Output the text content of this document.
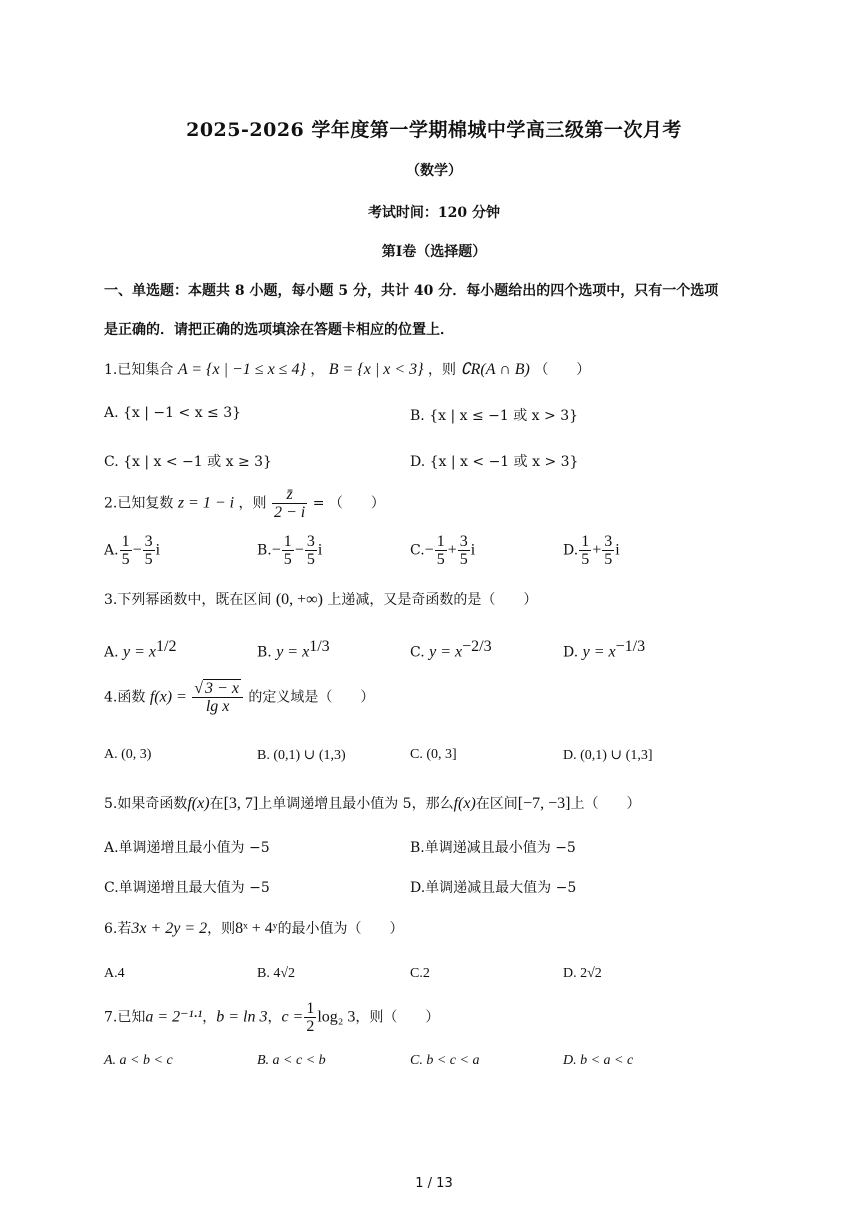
2025-2026 学年度第一学期棉城中学高三级第一次月考
（数学）
考试时间：120 分钟
第Ⅰ卷（选择题）
一、单选题：本题共 8 小题，每小题 5 分，共计 40 分．每小题给出的四个选项中，只有一个选项
是正确的．请把正确的选项填涂在答题卡相应的位置上．
1.已知集合 A = {x | −1 ≤ x ≤ 4} ， B = {x | x < 3} ，则 ∁R(A ∩ B) （　　）
A. {x | −1 < x ≤ 3}	B. {x | x ≤ −1 或 x > 3}
C. {x | x < −1 或 x ≥ 3}	D. {x | x < −1 或 x > 3}
2.已知复数 z = 1 − i ，则 $\frac{z̄}{2 - i}$ = （　　）
A. $\frac{1}{5} - \frac{3}{5}$ i	$B.- \frac{1}{5} - \frac{3}{5}$ i	$C.- \frac{1}{5} + \frac{3}{5}$ i	D. $\frac{1}{5} + \frac{3}{5}$ i
3.下列幂函数中，既在区间 (0, +∞) 上递减，又是奇函数的是（　　）
A. $y = x^{1/2}$	B. $y = x^{1/3}$	C. $y = x^{-2/3}$	D. $y = x^{-1/3}$
4.函数 $f(x) = \frac{√ 3 - x}{\text{lg x}}$ 的定义域是（　　）
A. (0, 3)	B. (0,1) ∪ (1,3)	C. (0, 3]	D. (0,1) ∪ (1,3]
5.如果奇函数f(x)在[3, 7]上单调递增且最小值为 5，那么f(x)在区间[−7, −3]上（　　）
A.单调递增且最小值为 −5	B.单调递减且最小值为 −5
C.单调递增且最大值为 −5	D.单调递减且最大值为 −5
6.若3x + 2y = 2，则8ˣ + 4ʸ的最小值为（　　）
A.4	B. 4√2	C.2	D. 2√2
7.已知a = 2⁻¹·¹，b = ln 3，$c = \frac{1}{2} \log_2$ 3，则（　　）
A. a < b < c	B. a < c < b	C. b < c < a	D. b < a < c
1 / 13
